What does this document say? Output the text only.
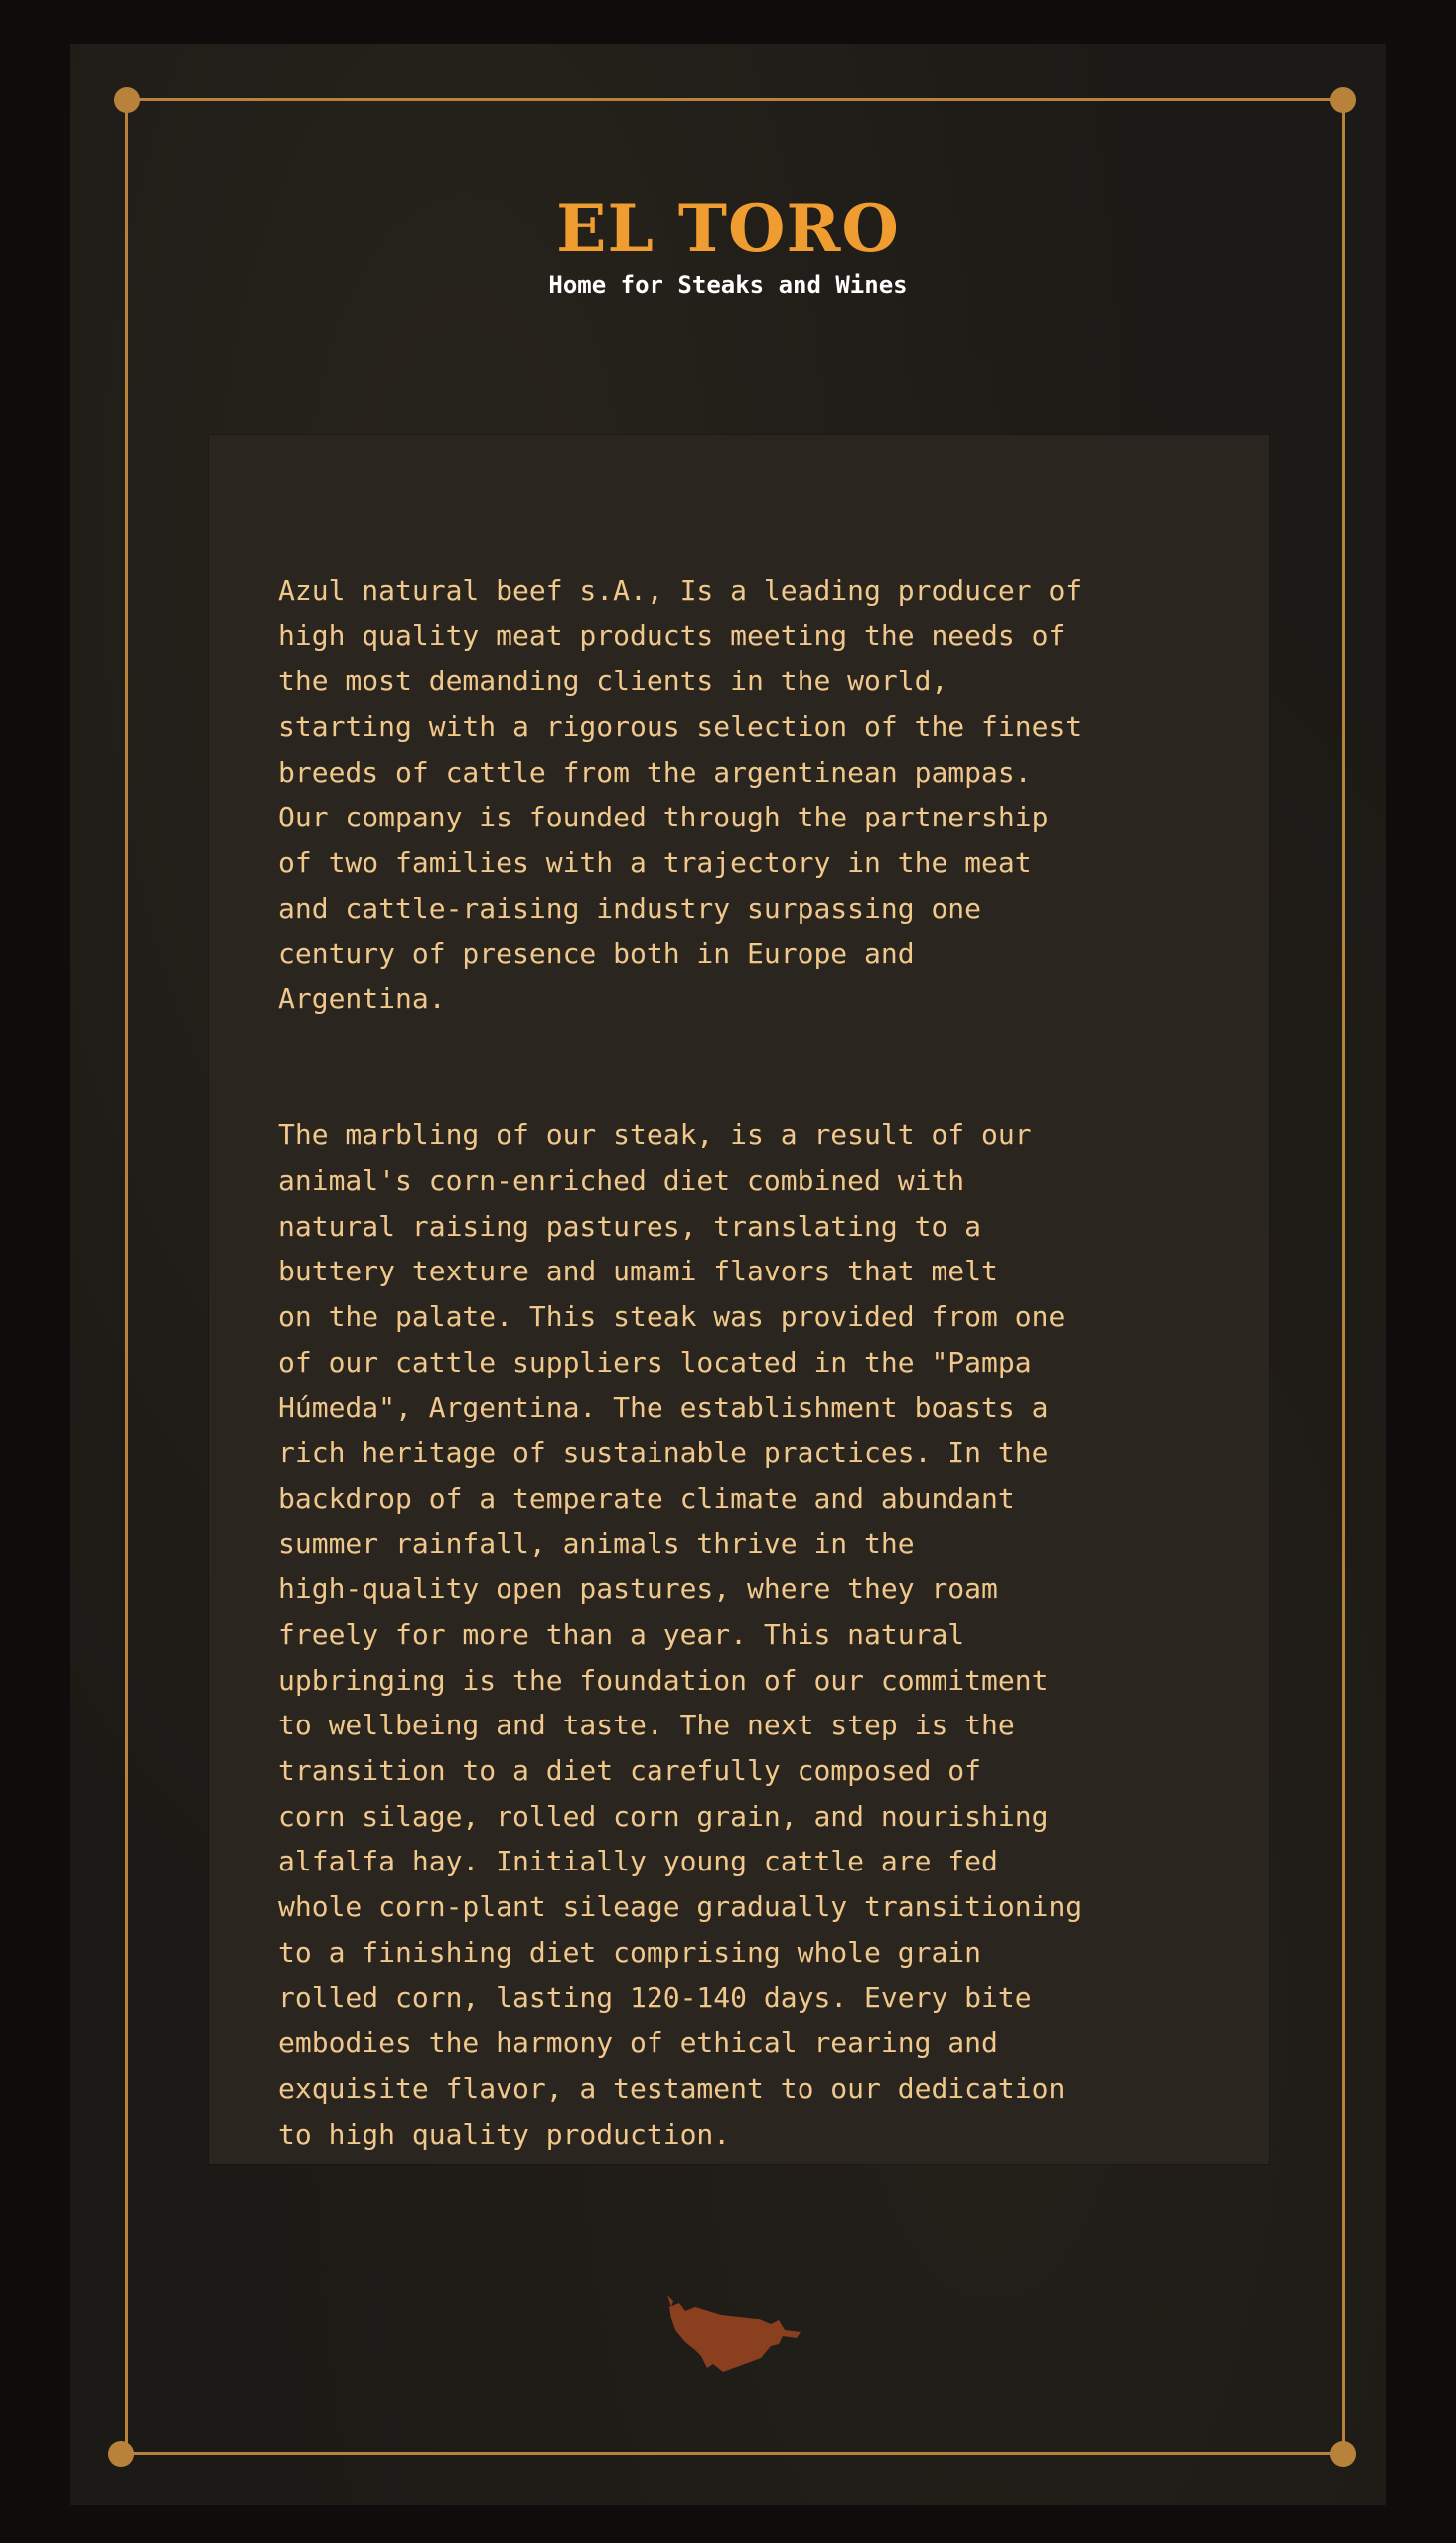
EL TORO
Home for Steaks and Wines

Azul natural beef s.A., Is a leading producer of
high quality meat products meeting the needs of
the most demanding clients in the world,
starting with a rigorous selection of the finest
breeds of cattle from the argentinean pampas.
Our company is founded through the partnership
of two families with a trajectory in the meat
and cattle-raising industry surpassing one
century of presence both in Europe and
Argentina.

The marbling of our steak, is a result of our
animal's corn-enriched diet combined with
natural raising pastures, translating to a
buttery texture and umami flavors that melt
on the palate. This steak was provided from one
of our cattle suppliers located in the "Pampa
Húmeda", Argentina. The establishment boasts a
rich heritage of sustainable practices. In the
backdrop of a temperate climate and abundant
summer rainfall, animals thrive in the
high-quality open pastures, where they roam
freely for more than a year. This natural
upbringing is the foundation of our commitment
to wellbeing and taste. The next step is the
transition to a diet carefully composed of
corn silage, rolled corn grain, and nourishing
alfalfa hay. Initially young cattle are fed
whole corn-plant sileage gradually transitioning
to a finishing diet comprising whole grain
rolled corn, lasting 120-140 days. Every bite
embodies the harmony of ethical rearing and
exquisite flavor, a testament to our dedication
to high quality production.
